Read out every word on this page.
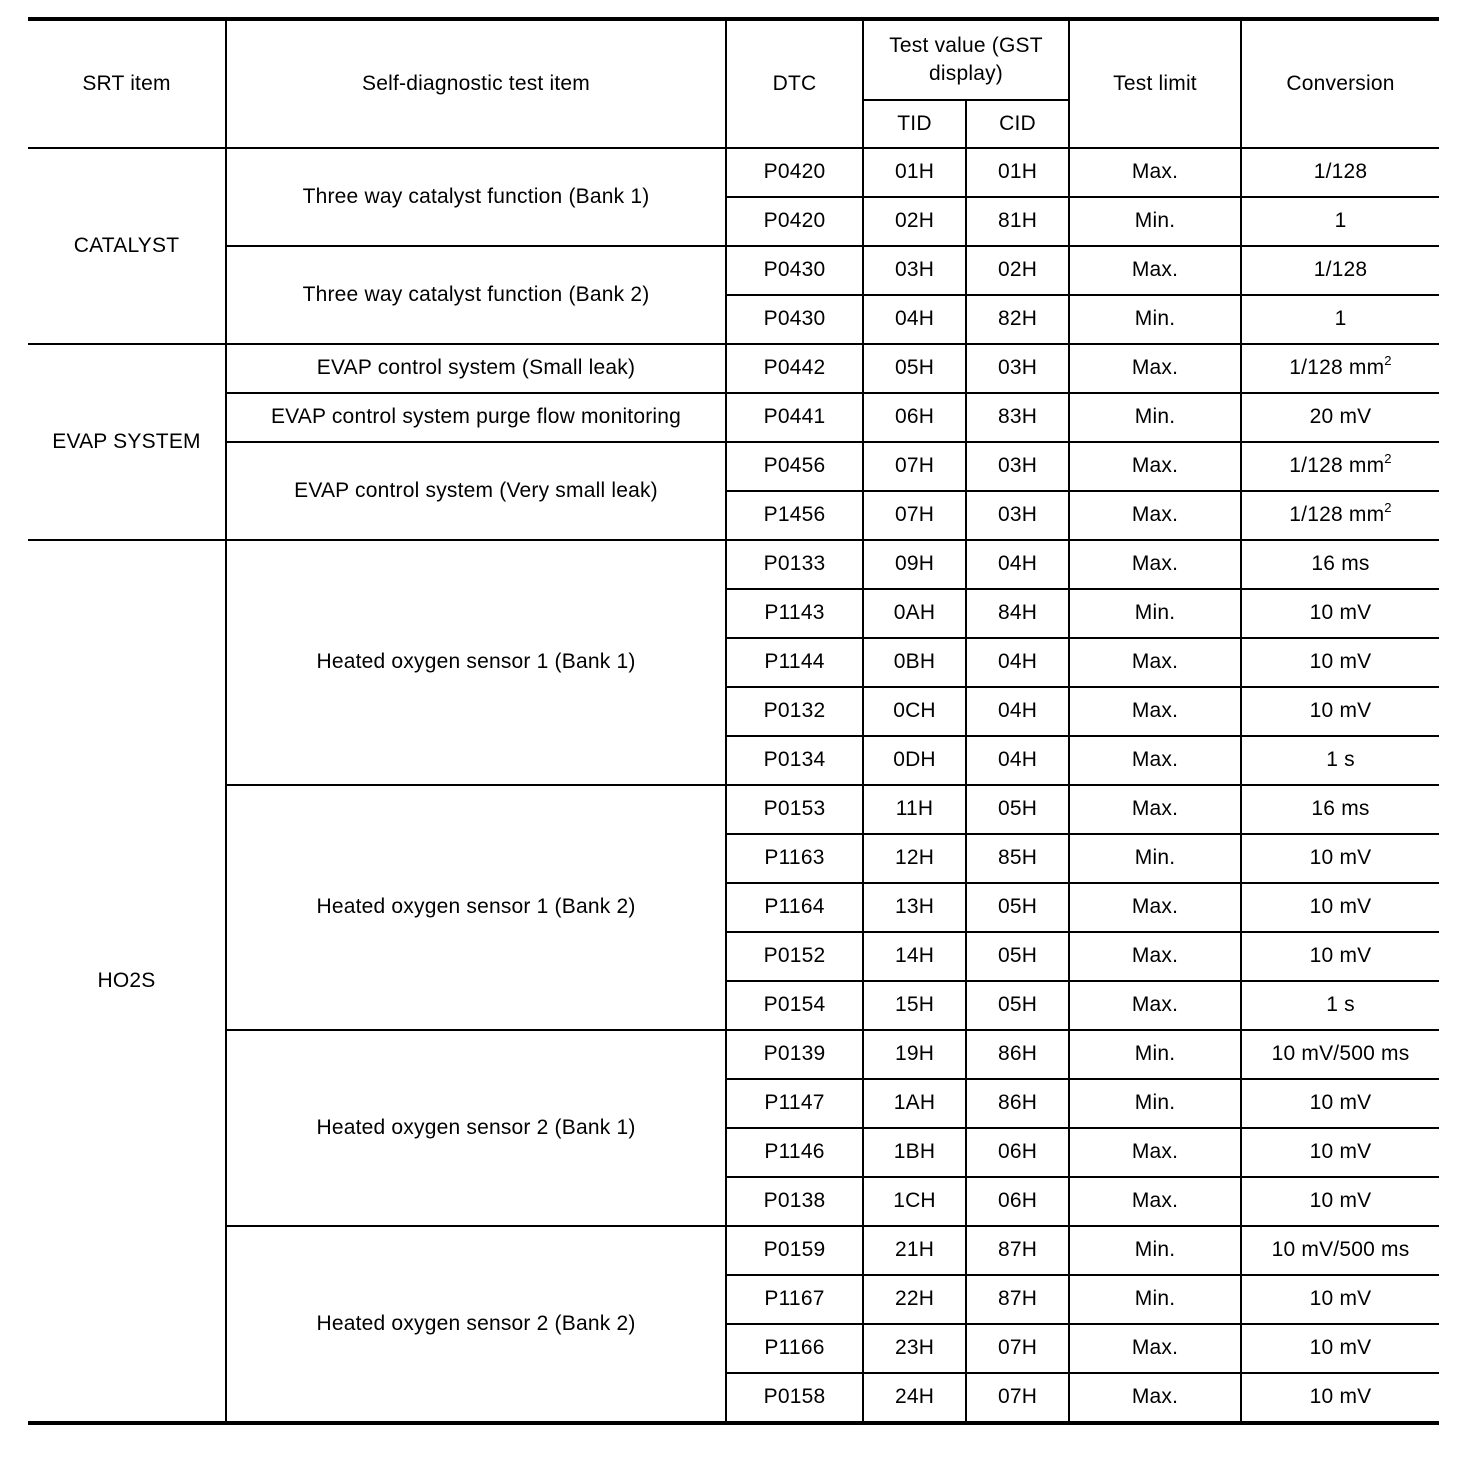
SRT item	Self-diagnostic test item	DTC	Test value (GST display)		Test limit	Conversion
			TID	CID		
CATALYST	Three way catalyst function (Bank 1)	P0420	01H	01H	Max.	1/128
		P0420	02H	81H	Min.	1
	Three way catalyst function (Bank 2)	P0430	03H	02H	Max.	1/128
		P0430	04H	82H	Min.	1
EVAP SYSTEM	EVAP control system (Small leak)	P0442	05H	03H	Max.	1/128 $mm^2$
	EVAP control system purge flow monitoring	P0441	06H	83H	Min.	20 mV
	EVAP control system (Very small leak)	P0456	07H	03H	Max.	1/128 $mm^2$
		P1456	07H	03H	Max.	1/128 $mm^2$
HO2S	Heated oxygen sensor 1 (Bank 1)	P0133	09H	04H	Max.	16 ms
		P1143	0AH	84H	Min.	10 mV
		P1144	0BH	04H	Max.	10 mV
		P0132	0CH	04H	Max.	10 mV
		P0134	0DH	04H	Max.	1 s
	Heated oxygen sensor 1 (Bank 2)	P0153	11H	05H	Max.	16 ms
		P1163	12H	85H	Min.	10 mV
		P1164	13H	05H	Max.	10 mV
		P0152	14H	05H	Max.	10 mV
		P0154	15H	05H	Max.	1 s
	Heated oxygen sensor 2 (Bank 1)	P0139	19H	86H	Min.	10 mV/500 ms
		P1147	1AH	86H	Min.	10 mV
		P1146	1BH	06H	Max.	10 mV
		P0138	1CH	06H	Max.	10 mV
	Heated oxygen sensor 2 (Bank 2)	P0159	21H	87H	Min.	10 mV/500 ms
		P1167	22H	87H	Min.	10 mV
		P1166	23H	07H	Max.	10 mV
		P0158	24H	07H	Max.	10 mV
